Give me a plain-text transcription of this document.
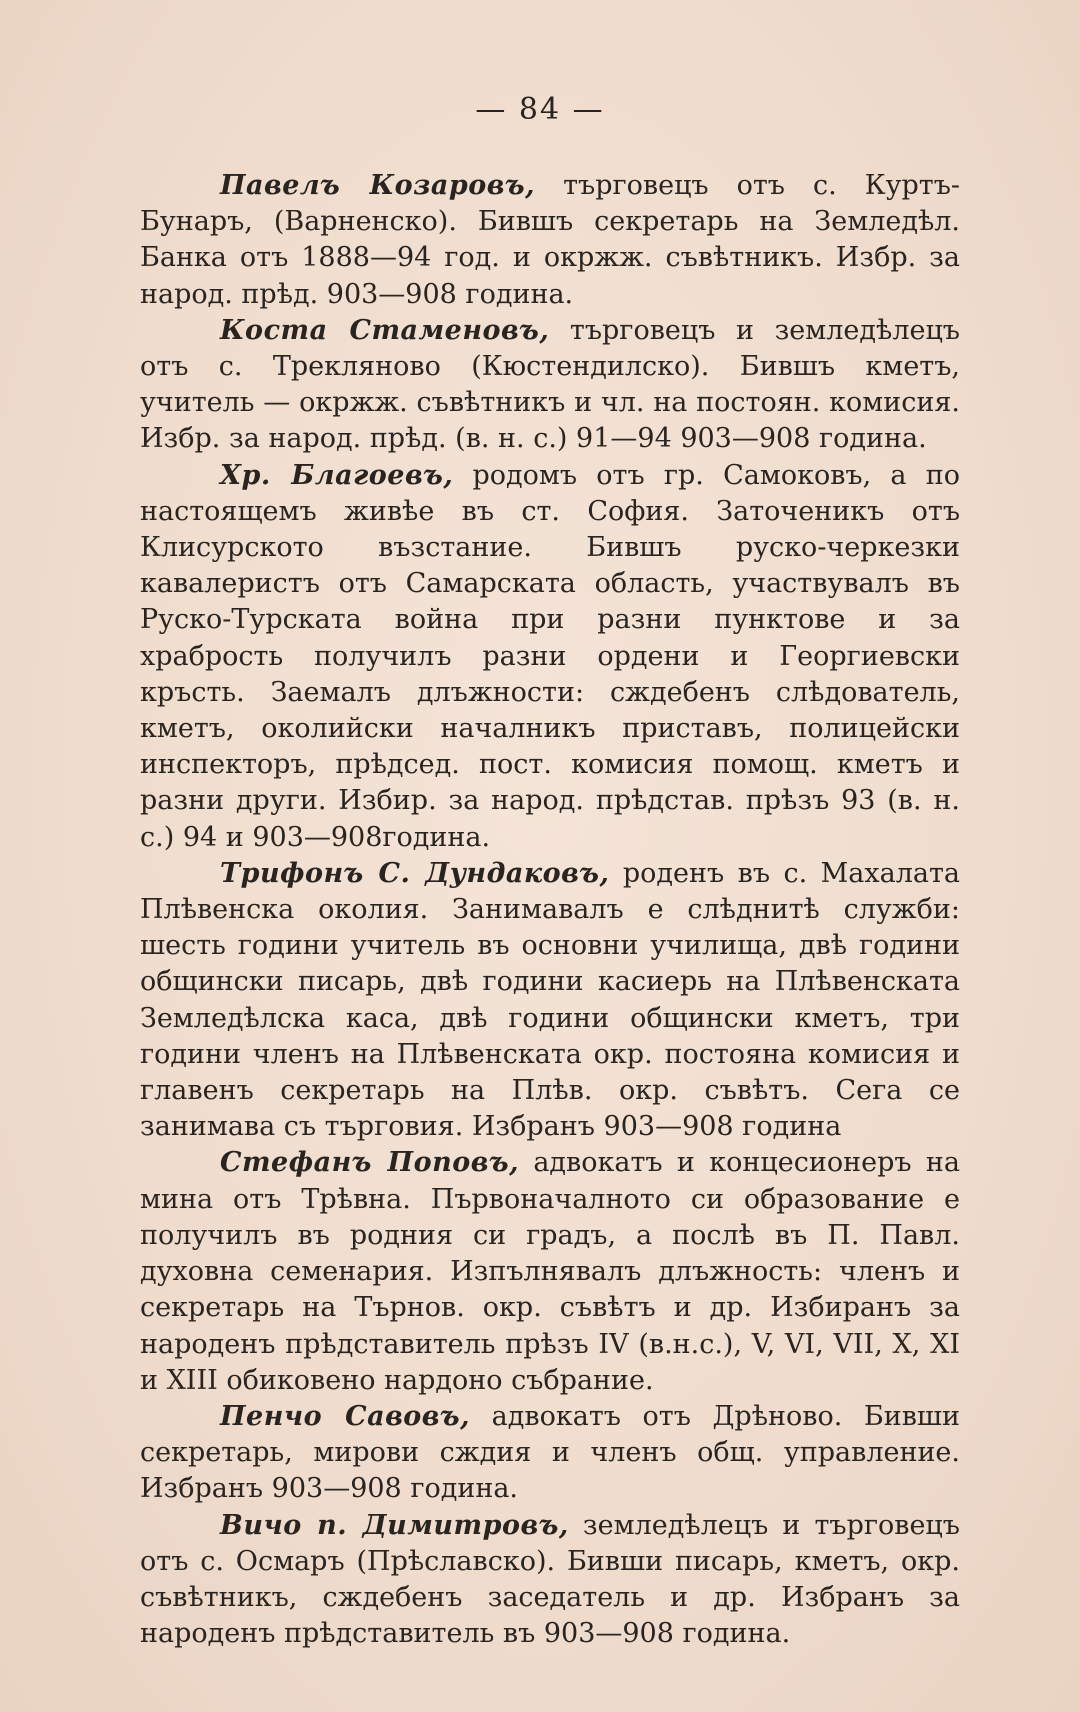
— 84 —

Павелъ Козаровъ, търговецъ отъ с. Куртъ-Бунаръ, (Варненско). Бившъ секретарь на Земледѣл. Банка отъ 1888—94 год. и окржж. съвѣтникъ. Избр. за народ. прѣд. 903—908 година.

Коста Стаменовъ, търговецъ и земледѣлецъ отъ с. Трекляново (Кюстендилско). Бившъ кметъ, учитель — окржж. съвѣтникъ и чл. на постоян. комисия. Избр. за народ. прѣд. (в. н. с.) 91—94 903—908 година.

Хр. Благоевъ, родомъ отъ гр. Самоковъ, а по настоящемъ живѣе въ ст. София. Заточеникъ отъ Клисурското възстание. Бившъ руско-черкезки кавалеристъ отъ Самарската область, участвувалъ въ Руско-Турската война при разни пунктове и за храбрость получилъ разни ордени и Георгиевски кръсть. Заемалъ длъжности: сждебенъ слѣдователь, кметъ, околийски началникъ приставъ, полицейски инспекторъ, прѣдсед. пост. комисия помощ. кметъ и разни други. Избир. за народ. прѣдстав. прѣзъ 93 (в. н. с.) 94 и 903—908година.

Трифонъ С. Дундаковъ, роденъ въ с. Махалата Плѣвенска околия. Занимавалъ е слѣднитѣ служби: шесть години учитель въ основни училища, двѣ години общински писарь, двѣ години касиерь на Плѣвенската Земледѣлска каса, двѣ години общински кметъ, три години членъ на Плѣвенската окр. постояна комисия и главенъ секретарь на Плѣв. окр. съвѣтъ. Сега се занимава съ търговия. Избранъ 903—908 година

Стефанъ Поповъ, адвокатъ и концесионеръ на мина отъ Трѣвна. Първоначалното си образование е получилъ въ родния си градъ, а послѣ въ П. Павл. духовна семенария. Изпълнявалъ длъжность: членъ и секретарь на Търнов. окр. съвѣтъ и др. Избиранъ за народенъ прѣдставитель прѣзъ IV (в.н.с.), V, VI, VII, X, XI и XIII обиковено нардоно събрание.

Пенчо Савовъ, адвокатъ отъ Дрѣново. Бивши секретарь, мирови сждия и членъ общ. управление. Избранъ 903—908 година.

Вичо п. Димитровъ, земледѣлецъ и търговецъ отъ с. Осмаръ (Прѣславско). Бивши писарь, кметъ, окр. съвѣтникъ, сждебенъ заседатель и др. Избранъ за народенъ прѣдставитель въ 903—908 година.
